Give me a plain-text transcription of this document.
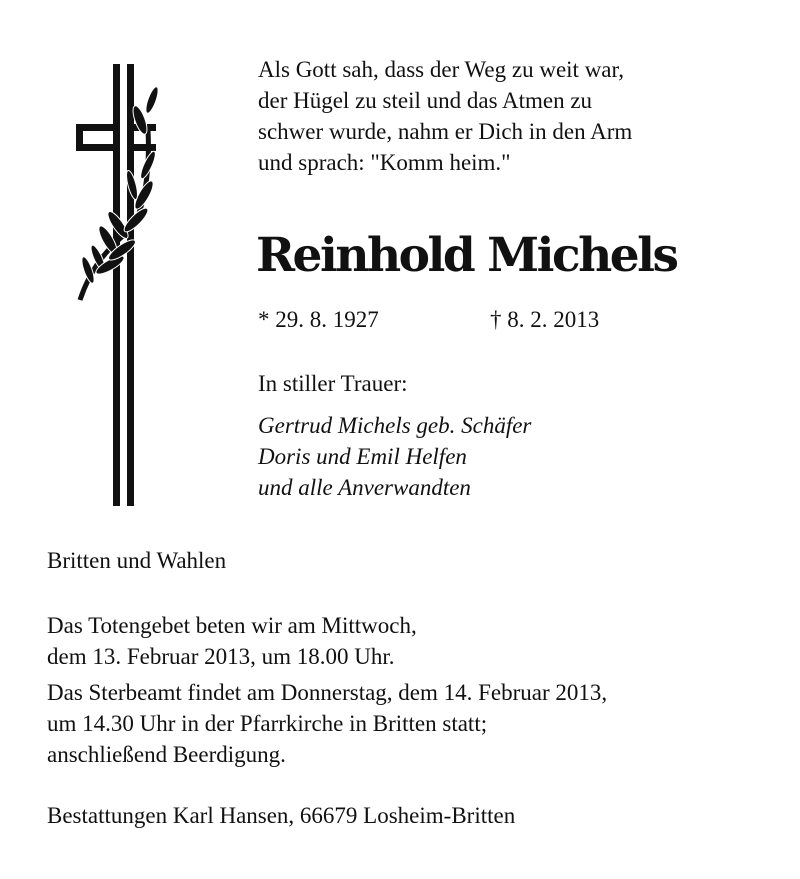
Als Gott sah, dass der Weg zu weit war,
der Hügel zu steil und das Atmen zu
schwer wurde, nahm er Dich in den Arm
und sprach: "Komm heim."
Reinhold Michels
* 29. 8. 1927	† 8. 2. 2013
In stiller Trauer:
Gertrud Michels geb. Schäfer
Doris und Emil Helfen
und alle Anverwandten
Britten und Wahlen
Das Totengebet beten wir am Mittwoch,
dem 13. Februar 2013, um 18.00 Uhr.
Das Sterbeamt findet am Donnerstag, dem 14. Februar 2013,
um 14.30 Uhr in der Pfarrkirche in Britten statt;
anschließend Beerdigung.
Bestattungen Karl Hansen, 66679 Losheim-Britten
